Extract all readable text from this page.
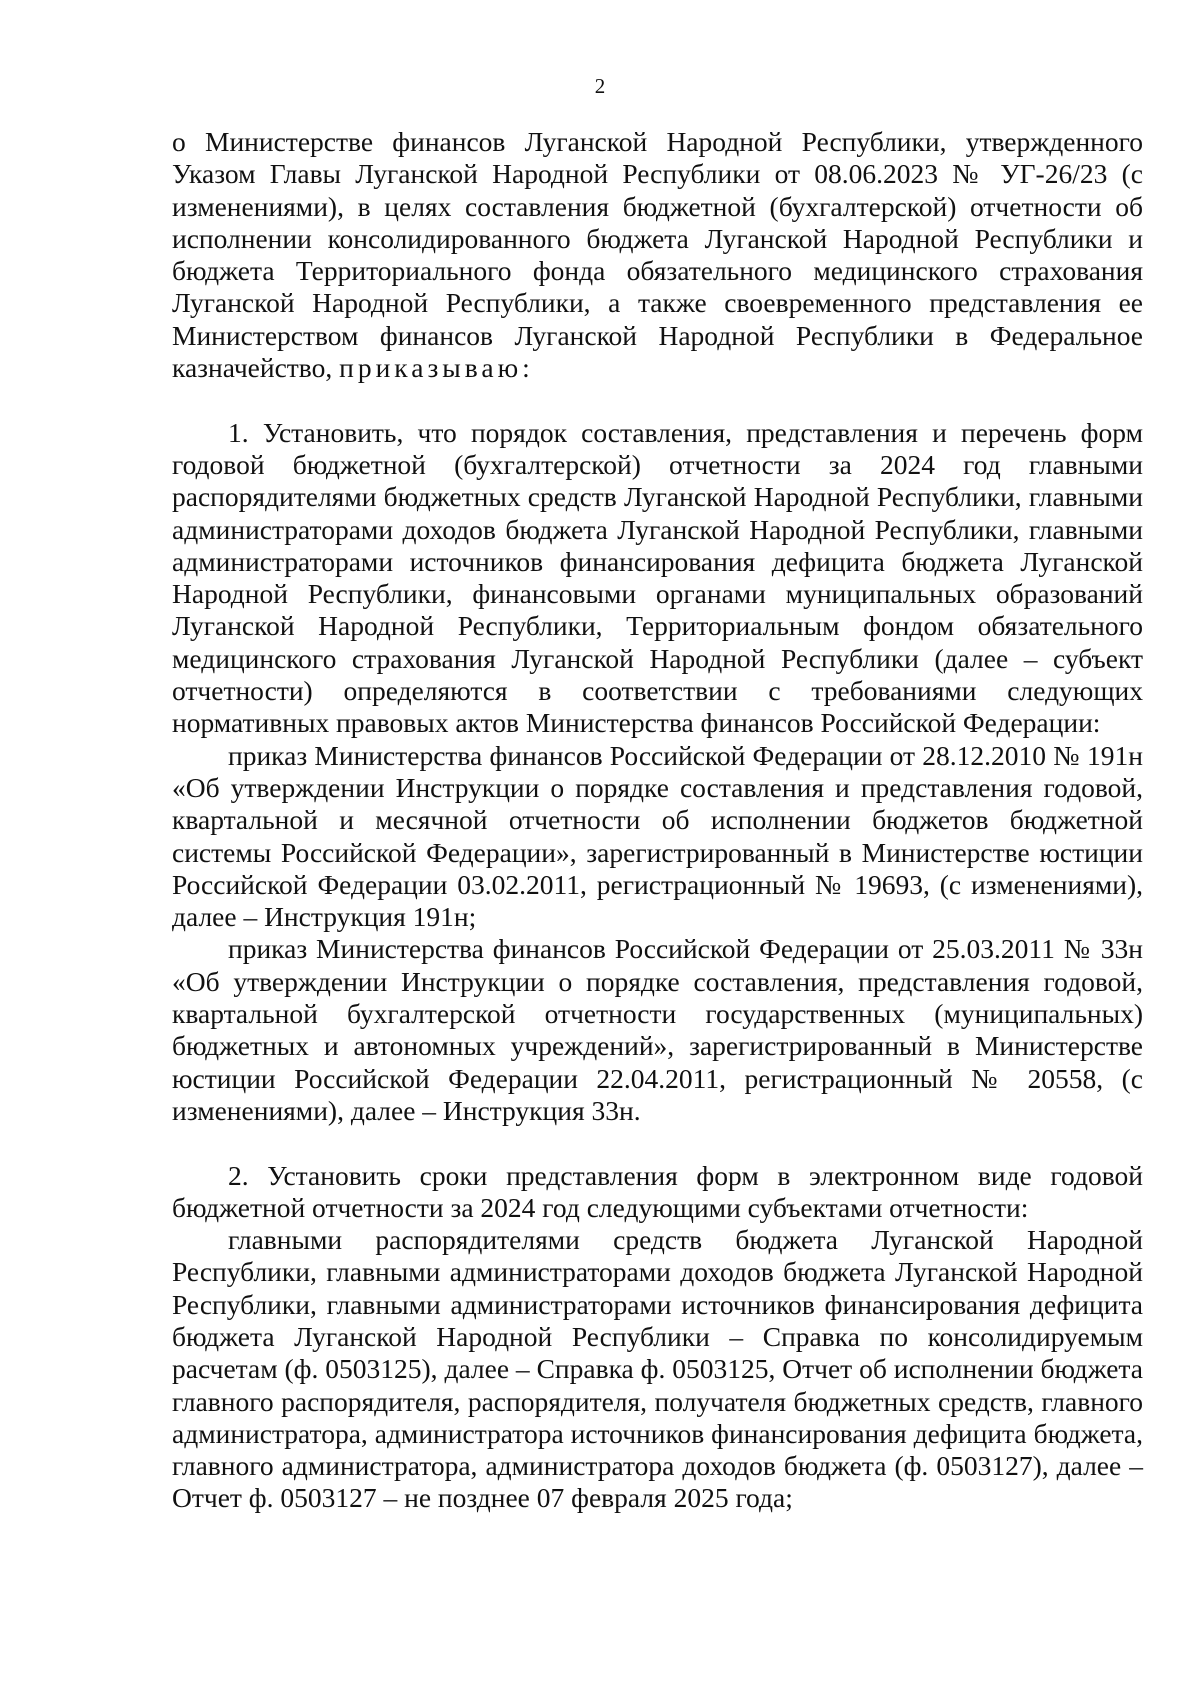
2

о Министерстве финансов Луганской Народной Республики, утвержденного Указом Главы Луганской Народной Республики от 08.06.2023 № УГ-26/23 (с изменениями), в целях составления бюджетной (бухгалтерской) отчетности об исполнении консолидированного бюджета Луганской Народной Республики и бюджета Территориального фонда обязательного медицинского страхования Луганской Народной Республики, а также своевременного представления ее Министерством финансов Луганской Народной Республики в Федеральное казначейство, приказываю:

1. Установить, что порядок составления, представления и перечень форм годовой бюджетной (бухгалтерской) отчетности за 2024 год главными распорядителями бюджетных средств Луганской Народной Республики, главными администраторами доходов бюджета Луганской Народной Республики, главными администраторами источников финансирования дефицита бюджета Луганской Народной Республики, финансовыми органами муниципальных образований Луганской Народной Республики, Территориальным фондом обязательного медицинского страхования Луганской Народной Республики (далее – субъект отчетности) определяются в соответствии с требованиями следующих нормативных правовых актов Министерства финансов Российской Федерации:

приказ Министерства финансов Российской Федерации от 28.12.2010 № 191н «Об утверждении Инструкции о порядке составления и представления годовой, квартальной и месячной отчетности об исполнении бюджетов бюджетной системы Российской Федерации», зарегистрированный в Министерстве юстиции Российской Федерации 03.02.2011, регистрационный № 19693, (с изменениями), далее – Инструкция 191н;

приказ Министерства финансов Российской Федерации от 25.03.2011 № 33н «Об утверждении Инструкции о порядке составления, представления годовой, квартальной бухгалтерской отчетности государственных (муниципальных) бюджетных и автономных учреждений», зарегистрированный в Министерстве юстиции Российской Федерации 22.04.2011, регистрационный № 20558, (с изменениями), далее – Инструкция 33н.

2. Установить сроки представления форм в электронном виде годовой бюджетной отчетности за 2024 год следующими субъектами отчетности:

главными распорядителями средств бюджета Луганской Народной Республики, главными администраторами доходов бюджета Луганской Народной Республики, главными администраторами источников финансирования дефицита бюджета Луганской Народной Республики – Справка по консолидируемым расчетам (ф. 0503125), далее – Справка ф. 0503125, Отчет об исполнении бюджета главного распорядителя, распорядителя, получателя бюджетных средств, главного администратора, администратора источников финансирования дефицита бюджета, главного администратора, администратора доходов бюджета (ф. 0503127), далее – Отчет ф. 0503127 – не позднее 07 февраля 2025 года;
